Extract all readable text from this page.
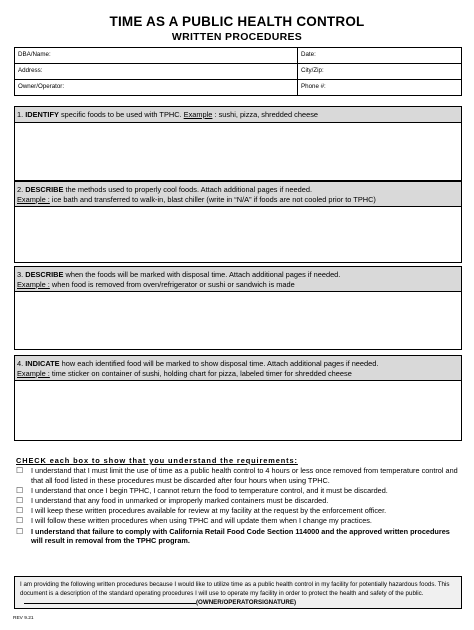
TIME AS A PUBLIC HEALTH CONTROL
WRITTEN PROCEDURES
DBA/Name:	Date:
Address:	City/Zip:
Owner/Operator:	Phone #:
1. IDENTIFY specific foods to be used with TPHC. Example : sushi, pizza, shredded cheese
2. DESCRIBE the methods used to properly cool foods. Attach additional pages if needed.
Example : ice bath and transferred to walk-in, blast chiller (write in “N/A” if foods are not cooled prior to TPHC)
3. DESCRIBE when the foods will be marked with disposal time. Attach additional pages if needed.
Example : when food is removed from oven/refrigerator or sushi or sandwich is made
4. INDICATE how each identified food will be marked to show disposal time. Attach additional pages if needed.
Example : time sticker on container of sushi, holding chart for pizza, labeled timer for shredded cheese
CHECK each box to show that you understand the requirements:
☐	I understand that I must limit the use of time as a public health control to 4 hours or less once removed from temperature control and that all food listed in these procedures must be discarded after four hours when using TPHC.
☐	I understand that once I begin TPHC, I cannot return the food to temperature control, and it must be discarded.
☐	I understand that any food in unmarked or improperly marked containers must be discarded.
☐	I will keep these written procedures available for review at my facility at the request by the enforcement officer.
☐	I will follow these written procedures when using TPHC and will update them when I change my practices.
☐	I understand that failure to comply with California Retail Food Code Section 114000 and the approved written procedures will result in removal from the TPHC program.
I am providing the following written procedures because I would like to utilize time as a public health control in my facility for potentially hazardous foods. This document is a description of the standard operating procedures I will use to operate my facility in order to protect the health and safety of the public.(OWNER/OPERATORSIGNATURE)
REV 9.21
